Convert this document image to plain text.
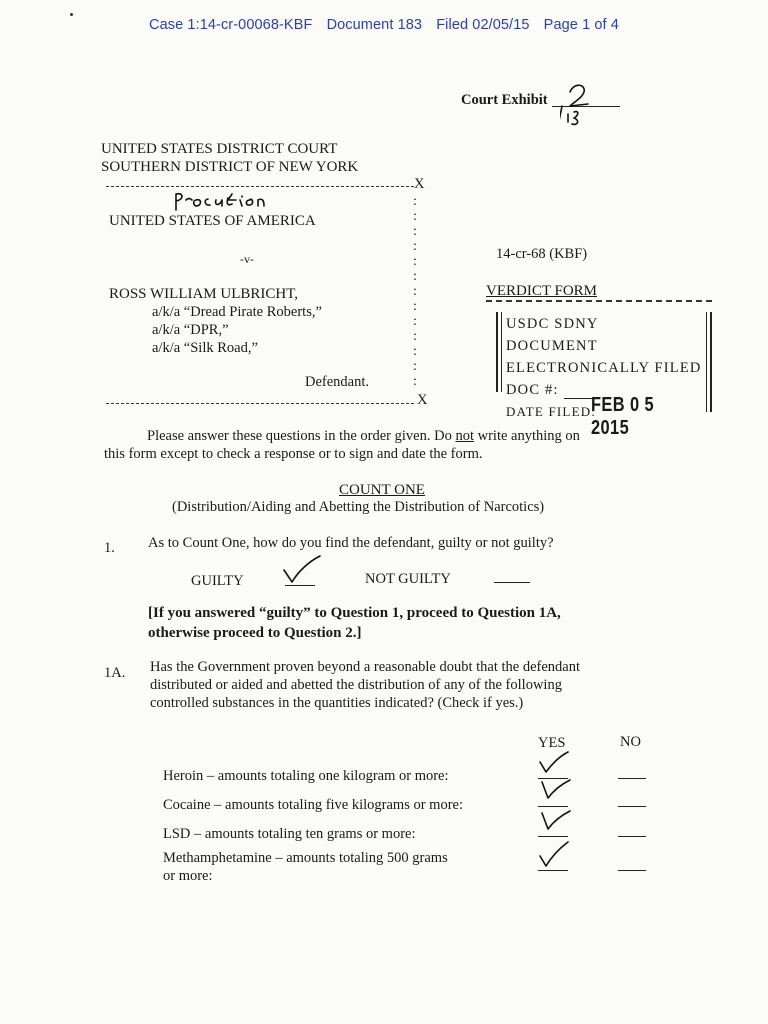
Case 1:14-cr-00068-KBF Document 183 Filed 02/05/15 Page 1 of 4
Court Exhibit
UNITED STATES DISTRICT COURT
SOUTHERN DISTRICT OF NEW YORK
X
UNITED STATES OF AMERICA
-v-
ROSS WILLIAM ULBRICHT,
a/k/a “Dread Pirate Roberts,”
a/k/a “DPR,”
a/k/a “Silk Road,”
Defendant.
:
:
:
:
:
:
:
:
:
:
:
:
:
X
14-cr-68 (KBF)
VERDICT FORM
USDC SDNY
DOCUMENT
ELECTRONICALLY FILED
DOC #:
DATE FILED:
FEB 0 5 2015
Please answer these questions in the order given. Do not write anything on
this form except to check a response or to sign and date the form.
COUNT ONE
(Distribution/Aiding and Abetting the Distribution of Narcotics)
1. As to Count One, how do you find the defendant, guilty or not guilty?
GUILTY	NOT GUILTY
[If you answered “guilty” to Question 1, proceed to Question 1A,
otherwise proceed to Question 2.]
1A. Has the Government proven beyond a reasonable doubt that the defendant
distributed or aided and abetted the distribution of any of the following
controlled substances in the quantities indicated? (Check if yes.)
YES	NO
Heroin – amounts totaling one kilogram or more:
Cocaine – amounts totaling five kilograms or more:
LSD – amounts totaling ten grams or more:
Methamphetamine – amounts totaling 500 grams
or more:
